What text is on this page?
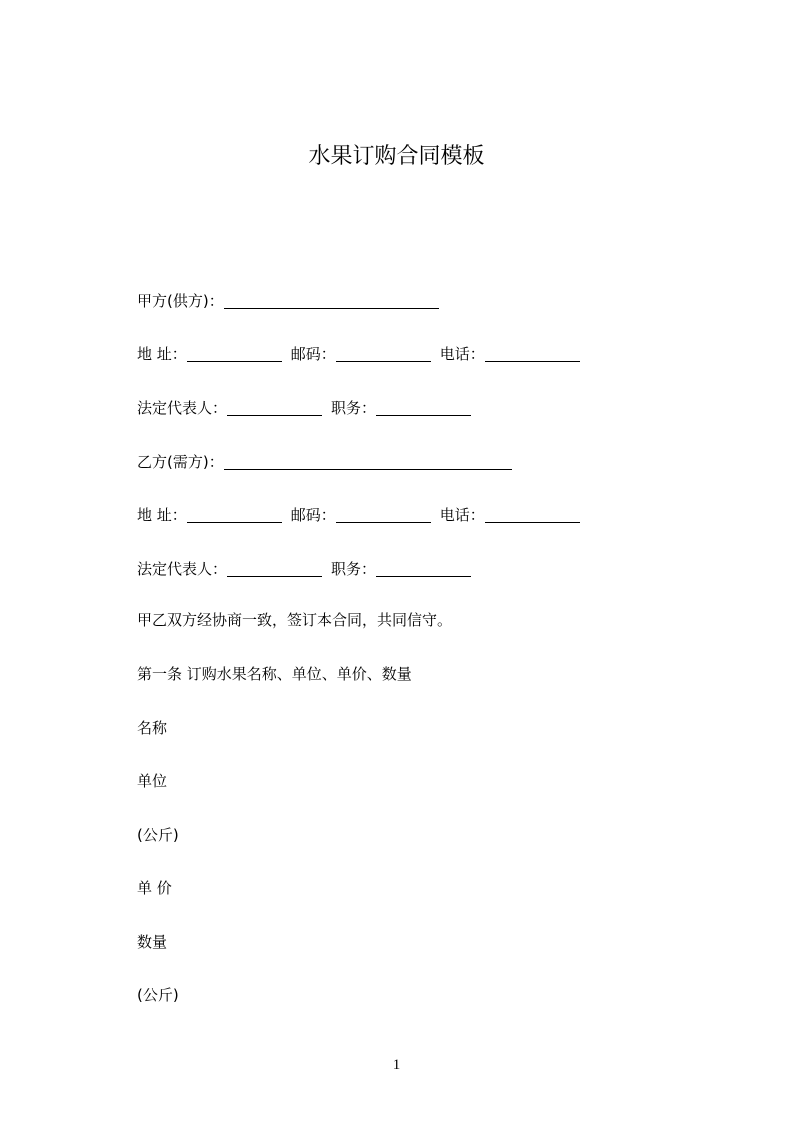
水果订购合同模板
甲方(供方)：
地 址：	邮码：	电话：
法定代表人：	职务：
乙方(需方)：
地 址：	邮码：	电话：
法定代表人：	职务：
甲乙双方经协商一致，签订本合同，共同信守。
第一条 订购水果名称、单位、单价、数量
名称
单位
(公斤)
单 价
数量
(公斤)
1
